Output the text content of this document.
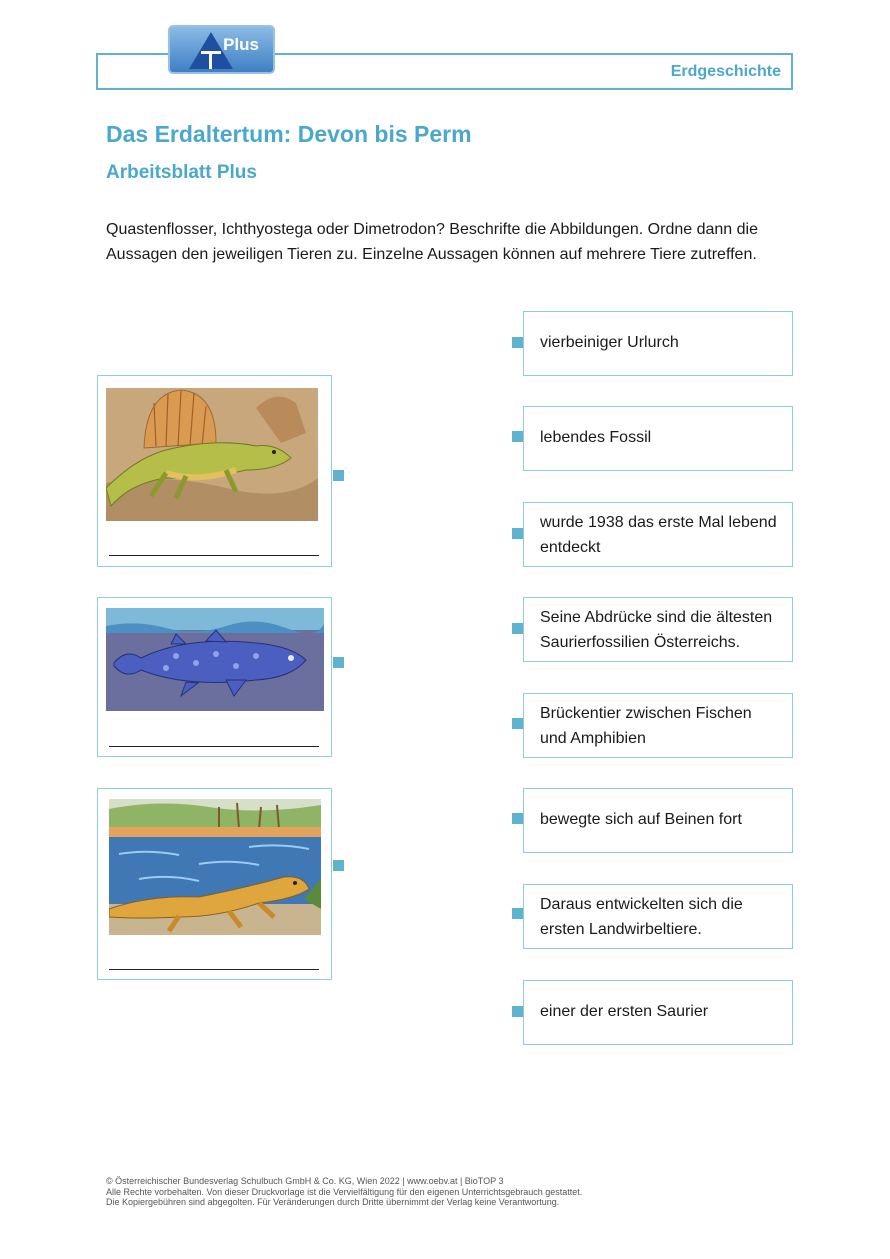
Erdgeschichte
Plus
Das Erdaltertum: Devon bis Perm
Arbeitsblatt Plus
Quastenflosser, Ichthyostega oder Dimetrodon? Beschrifte die Abbildungen. Ordne dann die Aussagen den jeweiligen Tieren zu. Einzelne Aussagen können auf mehrere Tiere zutreffen.
vierbeiniger Urlurch
lebendes Fossil
wurde 1938 das erste Mal lebend entdeckt
Seine Abdrücke sind die ältesten Saurierfossilien Österreichs.
Brückentier zwischen Fischen und Amphibien
bewegte sich auf Beinen fort
Daraus entwickelten sich die ersten Landwirbeltiere.
einer der ersten Saurier
© Österreichischer Bundesverlag Schulbuch GmbH & Co. KG, Wien 2022 | www.oebv.at | BioTOP 3
Alle Rechte vorbehalten. Von dieser Druckvorlage ist die Vervielfältigung für den eigenen Unterrichtsgebrauch gestattet.
Die Kopiergebühren sind abgegolten. Für Veränderungen durch Dritte übernimmt der Verlag keine Verantwortung.
